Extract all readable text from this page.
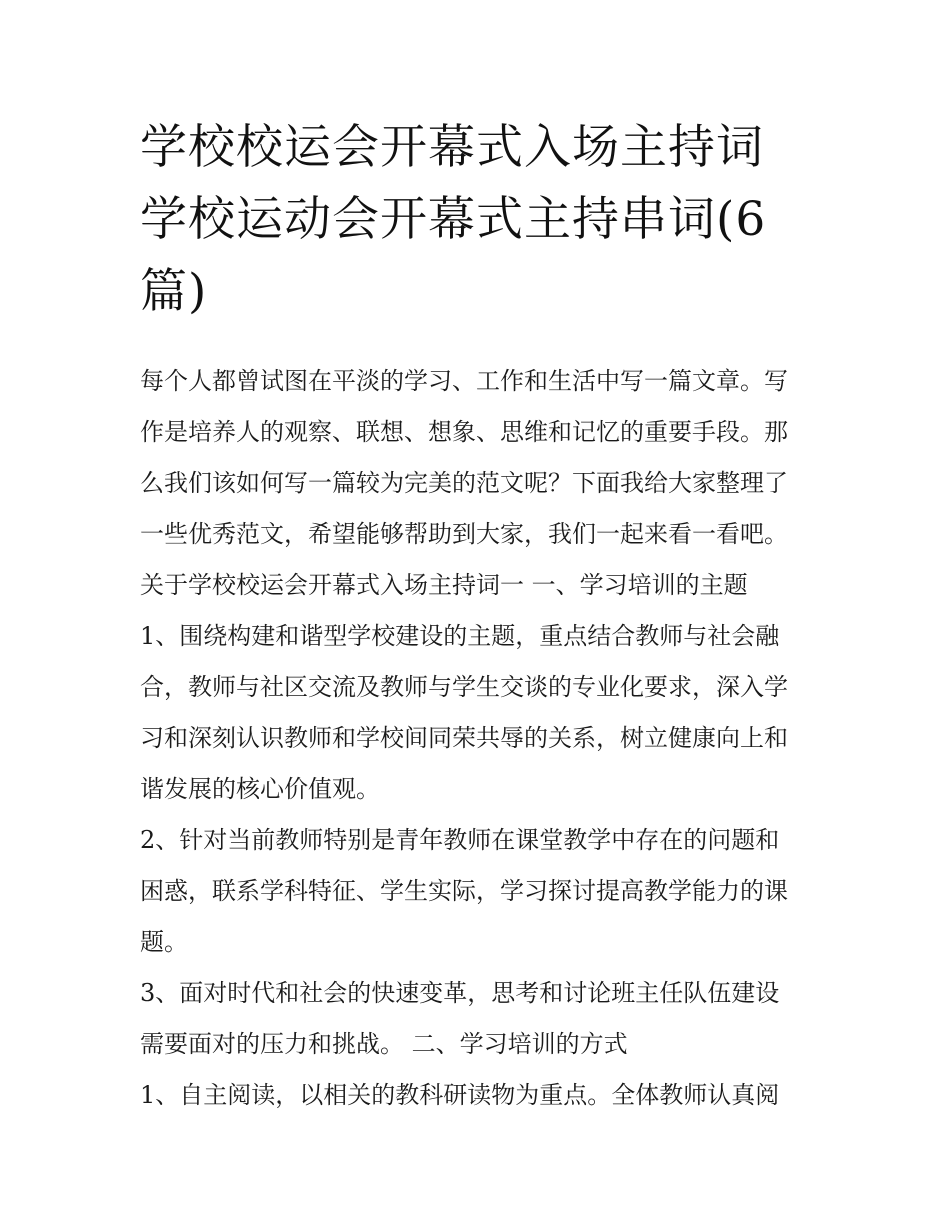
学校校运会开幕式入场主持词
学校运动会开幕式主持串词(6
篇)
每个人都曾试图在平淡的学习、工作和生活中写一篇文章。写
作是培养人的观察、联想、想象、思维和记忆的重要手段。那
么我们该如何写一篇较为完美的范文呢？下面我给大家整理了
一些优秀范文，希望能够帮助到大家，我们一起来看一看吧。
关于学校校运会开幕式入场主持词一 一、学习培训的主题
1、围绕构建和谐型学校建设的主题，重点结合教师与社会融
合，教师与社区交流及教师与学生交谈的专业化要求，深入学
习和深刻认识教师和学校间同荣共辱的关系，树立健康向上和
谐发展的核心价值观。
2、针对当前教师特别是青年教师在课堂教学中存在的问题和
困惑，联系学科特征、学生实际，学习探讨提高教学能力的课
题。
3、面对时代和社会的快速变革，思考和讨论班主任队伍建设
需要面对的压力和挑战。 二、学习培训的方式
1、自主阅读，以相关的教科研读物为重点。全体教师认真阅
